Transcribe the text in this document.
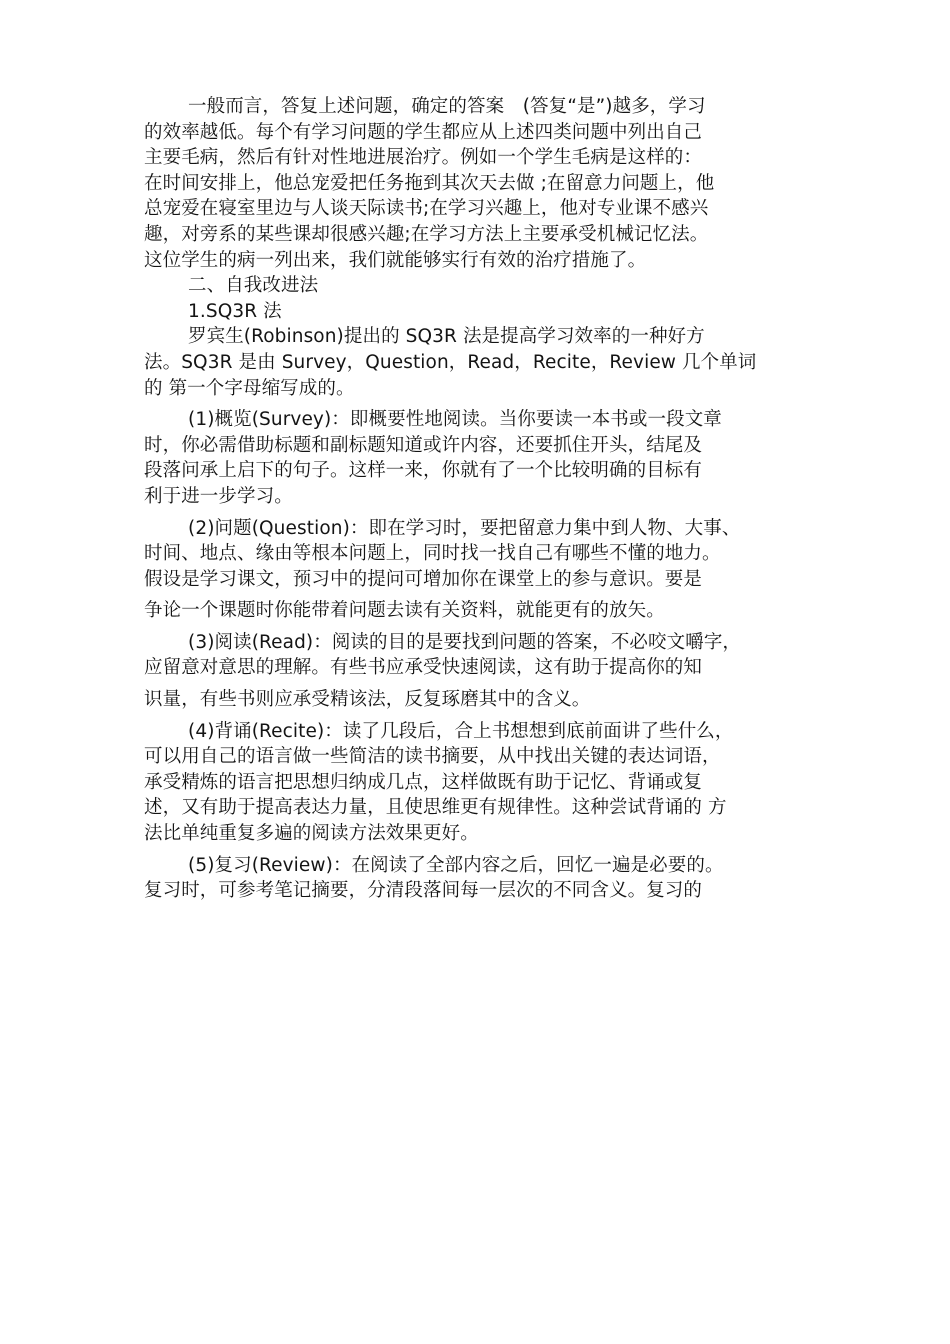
一般而言，答复上述问题，确定的答案　(答复“是”)越多，学习
的效率越低。每个有学习问题的学生都应从上述四类问题中列出自己
主要毛病，然后有针对性地进展治疗。例如一个学生毛病是这样的：
在时间安排上，他总宠爱把任务拖到其次天去做 ;在留意力问题上，他
总宠爱在寝室里边与人谈天际读书;在学习兴趣上，他对专业课不感兴
趣，对旁系的某些课却很感兴趣;在学习方法上主要承受机械记忆法。
这位学生的病一列出来，我们就能够实行有效的治疗措施了。
二、自我改进法
1.SQ3R 法
罗宾生(Robinson)提出的 SQ3R 法是提高学习效率的一种好方
法。SQ3R 是由 Survey，Question，Read，Recite，Review 几个单词
的 第一个字母缩写成的。
(1)概览(Survey)：即概要性地阅读。当你要读一本书或一段文章
时，你必需借助标题和副标题知道或许内容，还要抓住开头，结尾及
段落问承上启下的句子。这样一来，你就有了一个比较明确的目标有
利于进一步学习。
(2)问题(Question)：即在学习时，要把留意力集中到人物、大事、
时间、地点、缘由等根本问题上，同时找一找自己有哪些不懂的地力。
假设是学习课文，预习中的提问可增加你在课堂上的参与意识。要是
争论一个课题时你能带着问题去读有关资料，就能更有的放矢。
(3)阅读(Read)：阅读的目的是要找到问题的答案，不必咬文嚼字，
应留意对意思的理解。有些书应承受快速阅读，这有助于提高你的知
识量，有些书则应承受精该法，反复琢磨其中的含义。
(4)背诵(Recite)：读了几段后，合上书想想到底前面讲了些什么，
可以用自己的语言做一些简洁的读书摘要，从中找出关键的表达词语，
承受精炼的语言把思想归纳成几点，这样做既有助于记忆、背诵或复
述，又有助于提高表达力量，且使思维更有规律性。这种尝试背诵的 方
法比单纯重复多遍的阅读方法效果更好。
(5)复习(Review)：在阅读了全部内容之后，回忆一遍是必要的。
复习时，可参考笔记摘要，分清段落间每一层次的不同含义。复习的
